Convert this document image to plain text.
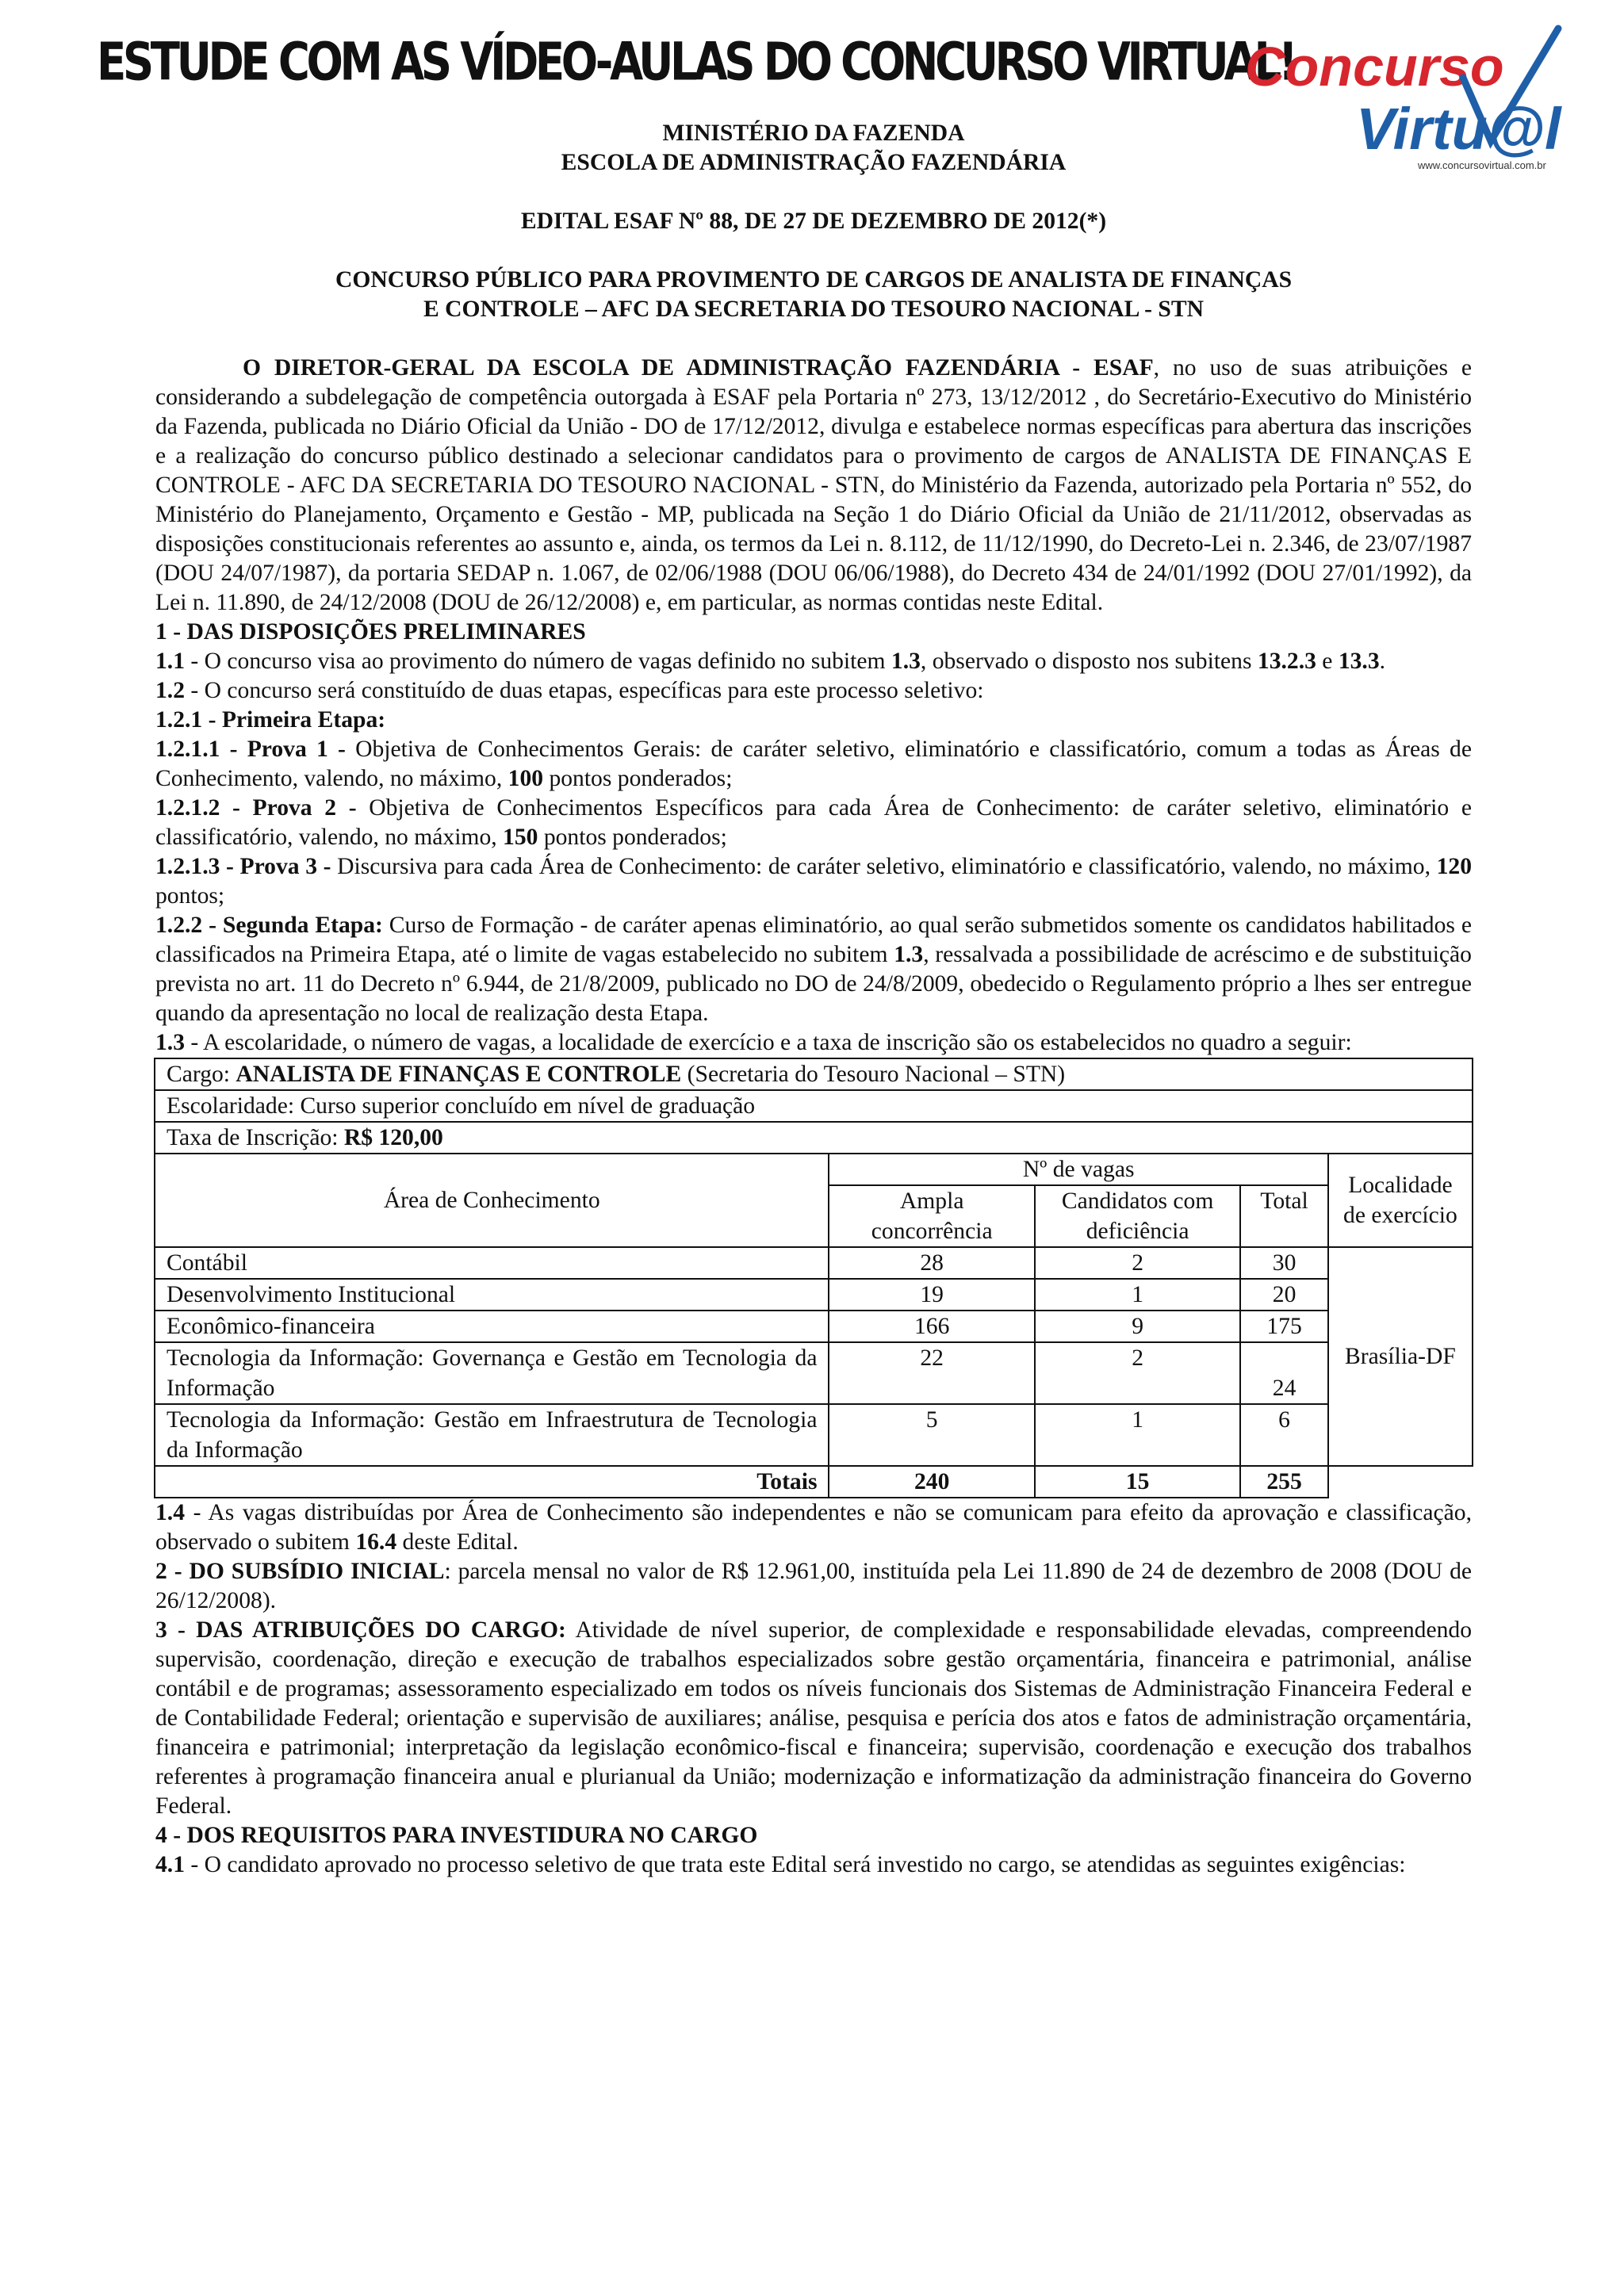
ESTUDE COM AS VÍDEO-AULAS DO CONCURSO VIRTUAL!
Concurso
Virtu@l
www.concursovirtual.com.br
MINISTÉRIO DA FAZENDA
ESCOLA DE ADMINISTRAÇÃO FAZENDÁRIA
EDITAL ESAF Nº 88, DE 27 DE DEZEMBRO DE 2012(*)
CONCURSO PÚBLICO PARA PROVIMENTO DE CARGOS DE ANALISTA DE FINANÇAS
E CONTROLE – AFC DA SECRETARIA DO TESOURO NACIONAL - STN
O DIRETOR-GERAL DA ESCOLA DE ADMINISTRAÇÃO FAZENDÁRIA - ESAF, no uso de suas atribuições e considerando a subdelegação de competência outorgada à ESAF pela Portaria nº 273, 13/12/2012 , do Secretário-Executivo do Ministério da Fazenda, publicada no Diário Oficial da União - DO de 17/12/2012, divulga e estabelece normas específicas para abertura das inscrições e a realização do concurso público destinado a selecionar candidatos para o provimento de cargos de ANALISTA DE FINANÇAS E CONTROLE - AFC DA SECRETARIA DO TESOURO NACIONAL - STN, do Ministério da Fazenda, autorizado pela Portaria nº 552, do Ministério do Planejamento, Orçamento e Gestão - MP, publicada na Seção 1 do Diário Oficial da União de 21/11/2012, observadas as disposições constitucionais referentes ao assunto e, ainda, os termos da Lei n. 8.112, de 11/12/1990, do Decreto-Lei n. 2.346, de 23/07/1987 (DOU 24/07/1987), da portaria SEDAP n. 1.067, de 02/06/1988 (DOU 06/06/1988), do Decreto 434 de 24/01/1992 (DOU 27/01/1992), da Lei n. 11.890, de 24/12/2008 (DOU de 26/12/2008) e, em particular, as normas contidas neste Edital.
1 - DAS DISPOSIÇÕES PRELIMINARES
1.1 - O concurso visa ao provimento do número de vagas definido no subitem 1.3, observado o disposto nos subitens 13.2.3 e 13.3.
1.2 - O concurso será constituído de duas etapas, específicas para este processo seletivo:
1.2.1 - Primeira Etapa:
1.2.1.1 - Prova 1 - Objetiva de Conhecimentos Gerais: de caráter seletivo, eliminatório e classificatório, comum a todas as Áreas de Conhecimento, valendo, no máximo, 100 pontos ponderados;
1.2.1.2 - Prova 2 - Objetiva de Conhecimentos Específicos para cada Área de Conhecimento: de caráter seletivo, eliminatório e classificatório, valendo, no máximo, 150 pontos ponderados;
1.2.1.3 - Prova 3 - Discursiva para cada Área de Conhecimento: de caráter seletivo, eliminatório e classificatório, valendo, no máximo, 120 pontos;
1.2.2 - Segunda Etapa: Curso de Formação - de caráter apenas eliminatório, ao qual serão submetidos somente os candidatos habilitados e classificados na Primeira Etapa, até o limite de vagas estabelecido no subitem 1.3, ressalvada a possibilidade de acréscimo e de substituição prevista no art. 11 do Decreto nº 6.944, de 21/8/2009, publicado no DO de 24/8/2009, obedecido o Regulamento próprio a lhes ser entregue quando da apresentação no local de realização desta Etapa.
1.3 - A escolaridade, o número de vagas, a localidade de exercício e a taxa de inscrição são os estabelecidos no quadro a seguir:
Cargo: ANALISTA DE FINANÇAS E CONTROLE (Secretaria do Tesouro Nacional – STN)				
Escolaridade: Curso superior concluído em nível de graduação				
Taxa de Inscrição: R$ 120,00				
Área de Conhecimento	Nº de vagas			Localidade de exercício
	Ampla concorrência	Candidatos com deficiência	Total	
Contábil	28	2	30	Brasília-DF
Desenvolvimento Institucional	19	1	20	
Econômico-financeira	166	9	175	
Tecnologia da Informação: Governança e Gestão em Tecnologia da Informação	22	2	24	
Tecnologia da Informação: Gestão em Infraestrutura de Tecnologia da Informação	5	1	6	
Totais	240	15	255	
1.4 - As vagas distribuídas por Área de Conhecimento são independentes e não se comunicam para efeito da aprovação e classificação, observado o subitem 16.4 deste Edital.
2 - DO SUBSÍDIO INICIAL: parcela mensal no valor de R$ 12.961,00, instituída pela Lei 11.890 de 24 de dezembro de 2008 (DOU de 26/12/2008).
3 - DAS ATRIBUIÇÕES DO CARGO: Atividade de nível superior, de complexidade e responsabilidade elevadas, compreendendo supervisão, coordenação, direção e execução de trabalhos especializados sobre gestão orçamentária, financeira e patrimonial, análise contábil e de programas; assessoramento especializado em todos os níveis funcionais dos Sistemas de Administração Financeira Federal e de Contabilidade Federal; orientação e supervisão de auxiliares; análise, pesquisa e perícia dos atos e fatos de administração orçamentária, financeira e patrimonial; interpretação da legislação econômico-fiscal e financeira; supervisão, coordenação e execução dos trabalhos referentes à programação financeira anual e plurianual da União; modernização e informatização da administração financeira do Governo Federal.
4 - DOS REQUISITOS PARA INVESTIDURA NO CARGO
4.1 - O candidato aprovado no processo seletivo de que trata este Edital será investido no cargo, se atendidas as seguintes exigências:
